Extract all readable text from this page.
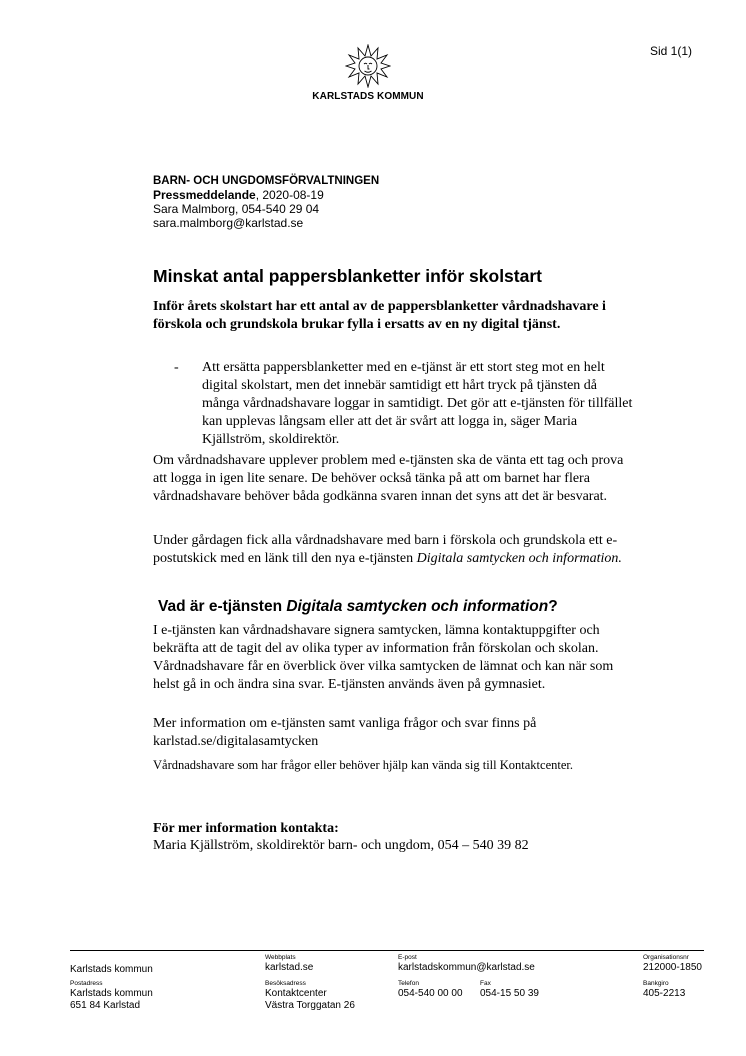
Sid 1(1)
KARLSTADS KOMMUN
BARN- OCH UNGDOMSFÖRVALTNINGEN
Pressmeddelande, 2020-08-19
Sara Malmborg, 054-540 29 04
sara.malmborg@karlstad.se
Minskat antal pappersblanketter inför skolstart
Inför årets skolstart har ett antal av de pappersblanketter vårdnadshavare i förskola och grundskola brukar fylla i ersatts av en ny digital tjänst.
- Att ersätta pappersblanketter med en e-tjänst är ett stort steg mot en helt digital skolstart, men det innebär samtidigt ett hårt tryck på tjänsten då många vårdnadshavare loggar in samtidigt. Det gör att e-tjänsten för tillfället kan upplevas långsam eller att det är svårt att logga in, säger Maria Kjällström, skoldirektör.
Om vårdnadshavare upplever problem med e-tjänsten ska de vänta ett tag och prova att logga in igen lite senare. De behöver också tänka på att om barnet har flera vårdnadshavare behöver båda godkänna svaren innan det syns att det är besvarat.
Under gårdagen fick alla vårdnadshavare med barn i förskola och grundskola ett e-postutskick med en länk till den nya e-tjänsten Digitala samtycken och information.
Vad är e-tjänsten Digitala samtycken och information?
I e-tjänsten kan vårdnadshavare signera samtycken, lämna kontaktuppgifter och bekräfta att de tagit del av olika typer av information från förskolan och skolan. Vårdnadshavare får en överblick över vilka samtycken de lämnat och kan när som helst gå in och ändra sina svar. E-tjänsten används även på gymnasiet.
Mer information om e-tjänsten samt vanliga frågor och svar finns på
karlstad.se/digitalasamtycken
Vårdnadshavare som har frågor eller behöver hjälp kan vända sig till Kontaktcenter.
För mer information kontakta:
Maria Kjällström, skoldirektör barn- och ungdom, 054 – 540 39 82
Karlstads kommun
Webbplats
karlstad.se
E-post
karlstadskommun@karlstad.se
Organisationsnr
212000-1850
Postadress
Karlstads kommun
651 84 Karlstad
Besöksadress
Kontaktcenter
Västra Torggatan 26
Telefon
054-540 00 00
Fax
054-15 50 39
Bankgiro
405-2213
